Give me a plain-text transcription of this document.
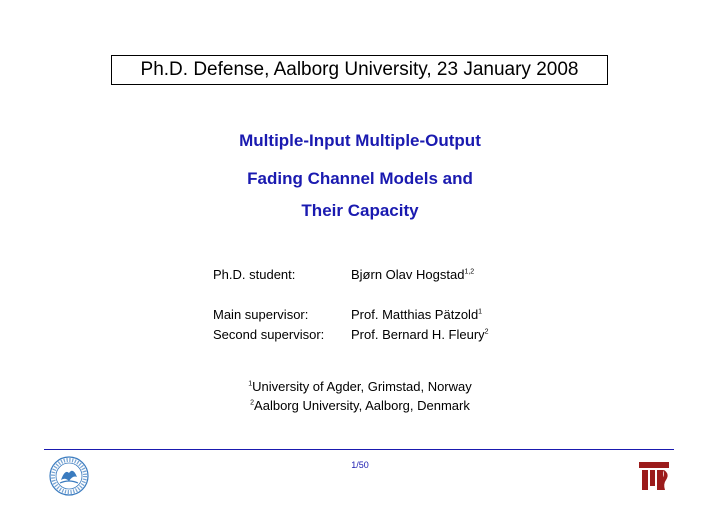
Ph.D. Defense, Aalborg University, 23 January 2008
Multiple-Input Multiple-Output
Fading Channel Models and
Their Capacity
Ph.D. student:	Bjørn Olav Hogstad$^{1,2}$
Main supervisor:	Prof. Matthias Pätzold$^1$
Second supervisor: Prof. Bernard H. Fleury$^2$
$^1$University of Agder, Grimstad, Norway
$^2$Aalborg University, Aalborg, Denmark
1/50
